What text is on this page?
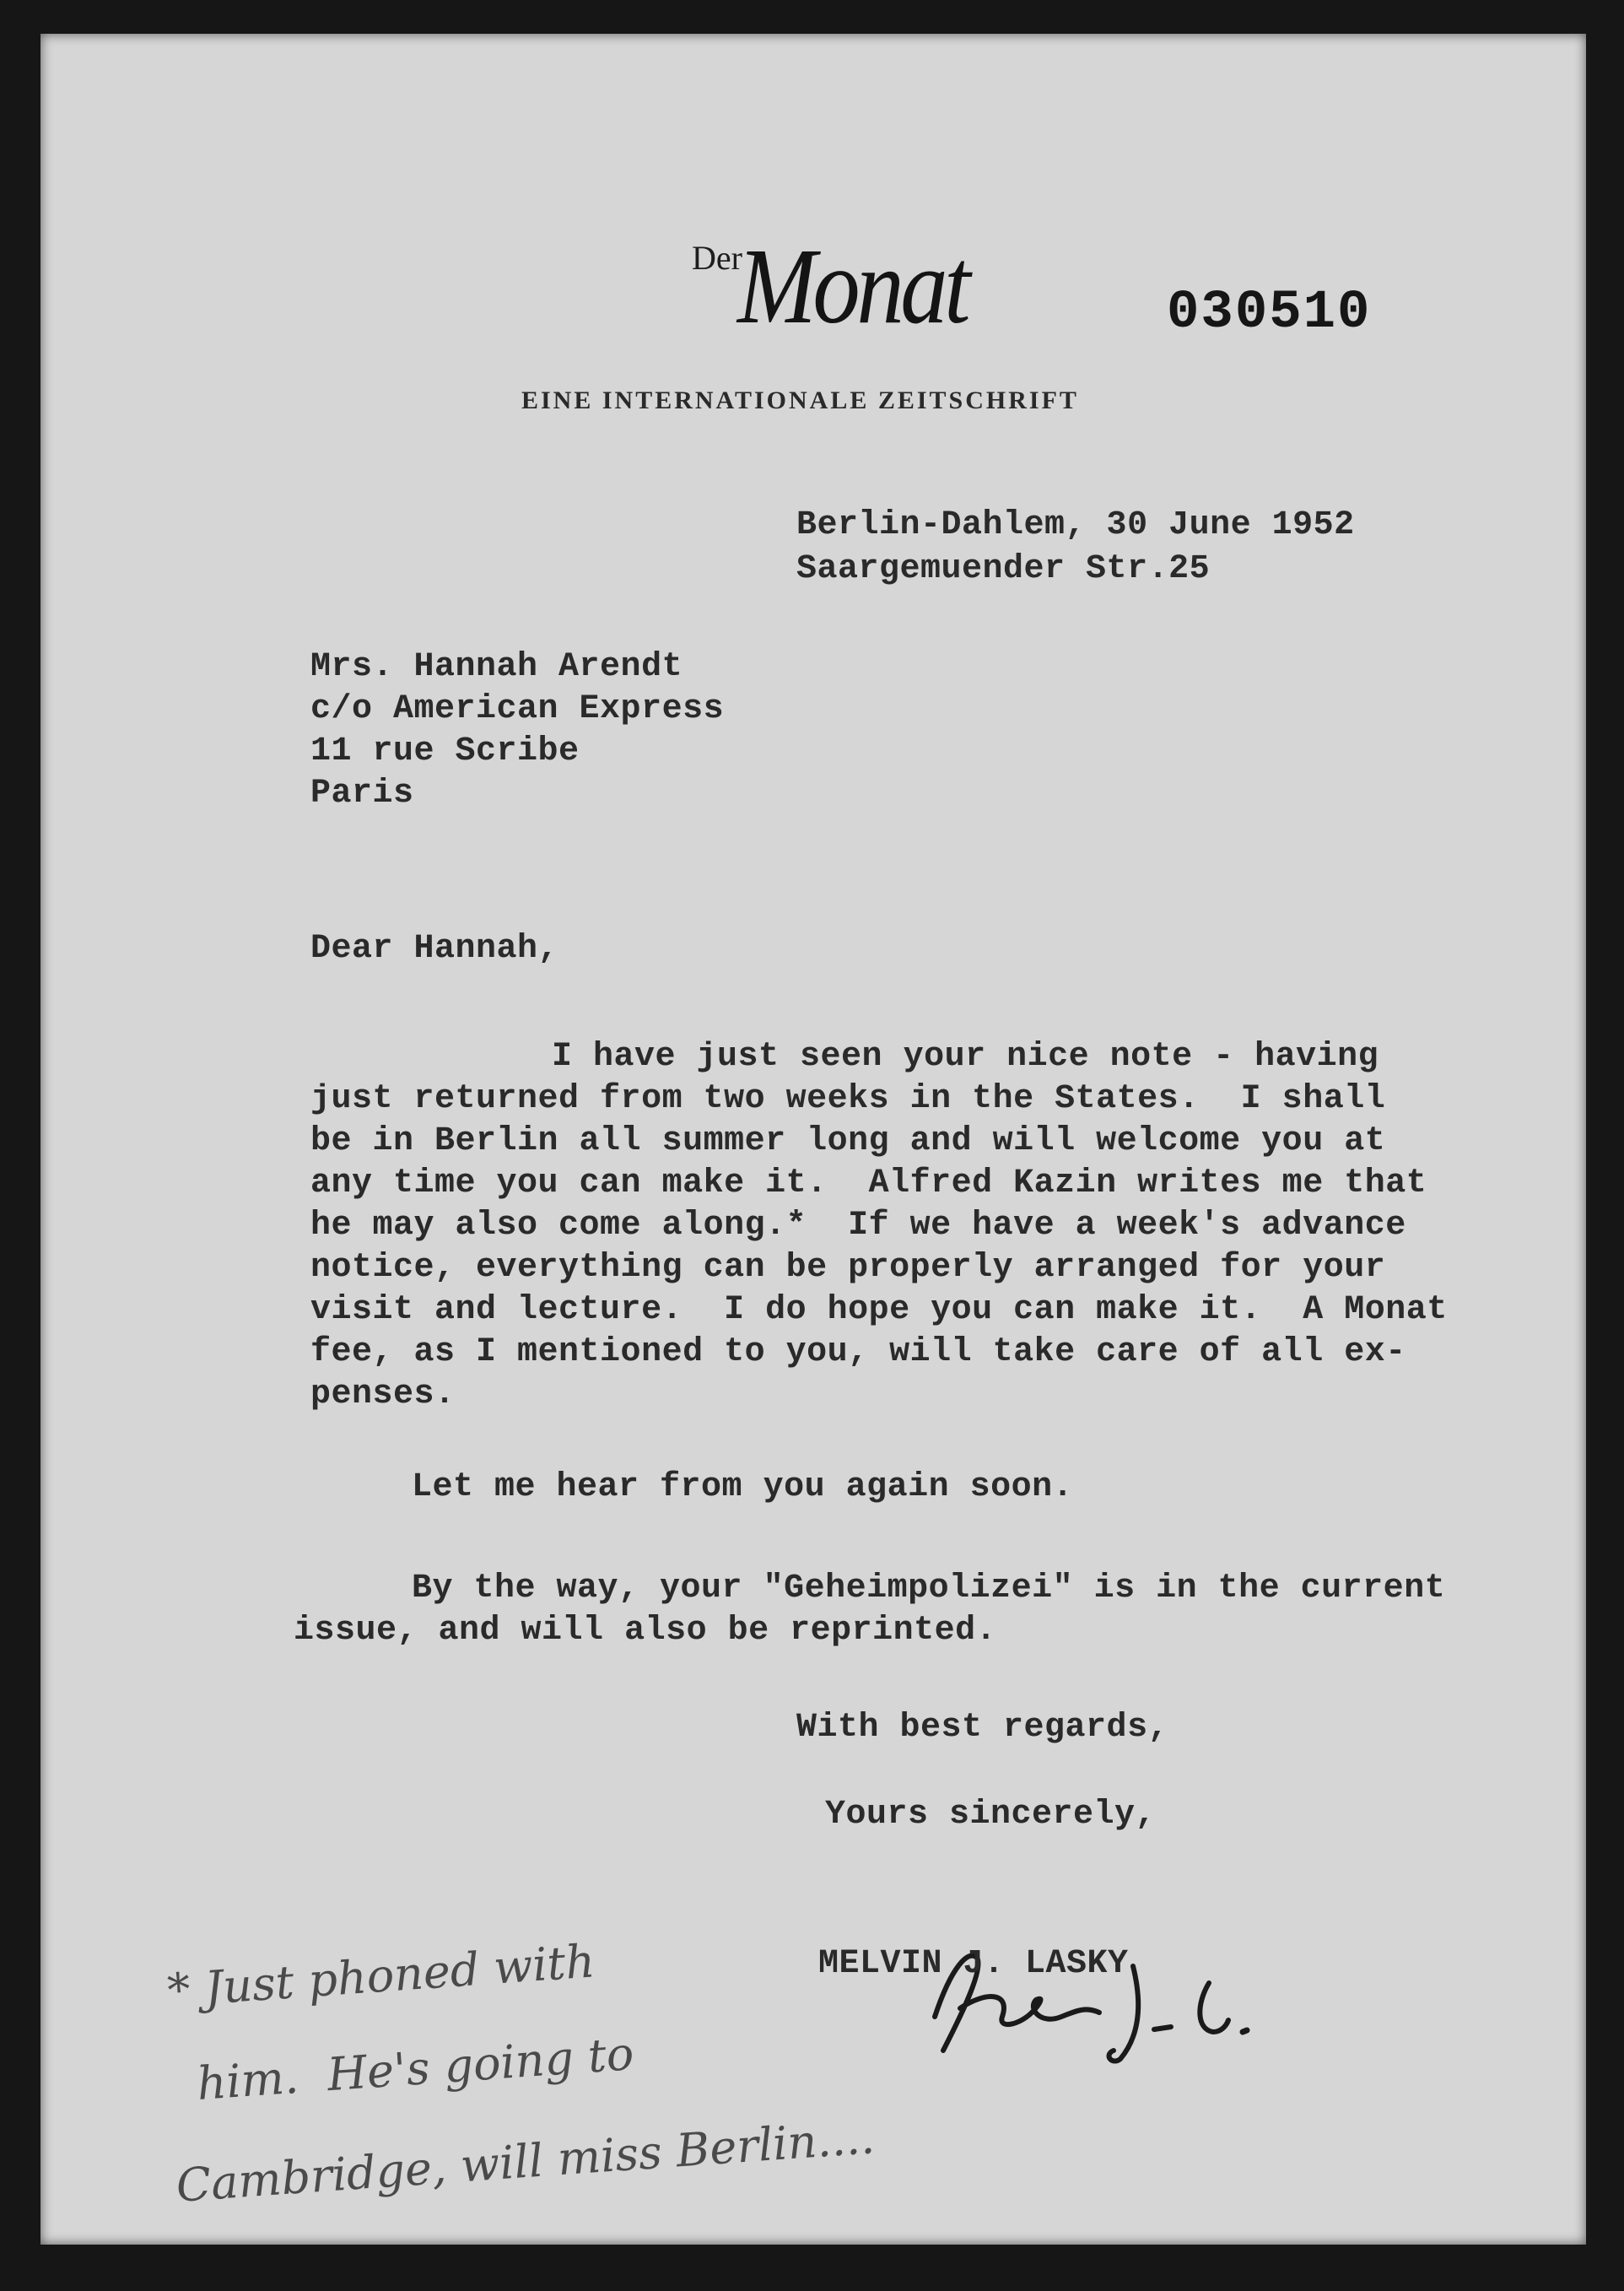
Der

Monat	030510

EINE INTERNATIONALE ZEITSCHRIFT

Berlin-Dahlem, 30 June 1952

Saargemuender Str.25

Mrs. Hannah Arendt

c/o American Express

11 rue Scribe

Paris

Dear Hannah,

I have just seen your nice note - having

just returned from two weeks in the States.  I shall

be in Berlin all summer long and will welcome you at

any time you can make it.  Alfred Kazin writes me that

he may also come along.*  If we have a week's advance

notice, everything can be properly arranged for your

visit and lecture.  I do hope you can make it.  A Monat

fee, as I mentioned to you, will take care of all ex-

penses.

Let me hear from you again soon.

By the way, your "Geheimpolizei" is in the current

issue, and will also be reprinted.

With best regards,

Yours sincerely,

MELVIN J. LASKY

* Just phoned with

him.  He's going to

Cambridge, will miss Berlin....
